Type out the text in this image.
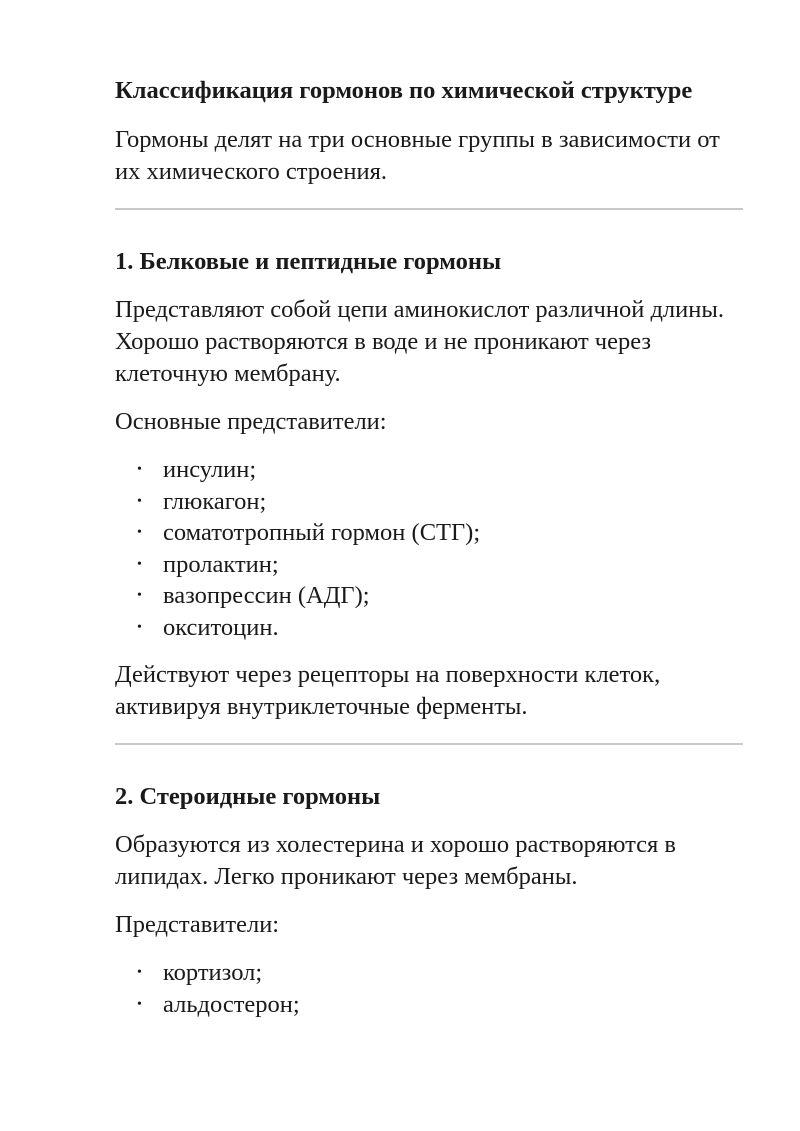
Классификация гормонов по химической структуре

Гормоны делят на три основные группы в зависимости от их химического строения.

1. Белковые и пептидные гормоны

Представляют собой цепи аминокислот различной длины. Хорошо растворяются в воде и не проникают через клеточную мембрану.

Основные представители:

• инсулин;
• глюкагон;
• соматотропный гормон (СТГ);
• пролактин;
• вазопрессин (АДГ);
• окситоцин.

Действуют через рецепторы на поверхности клеток, активируя внутриклеточные ферменты.

2. Стероидные гормоны

Образуются из холестерина и хорошо растворяются в липидах. Легко проникают через мембраны.

Представители:

• кортизол;
• альдостерон;
